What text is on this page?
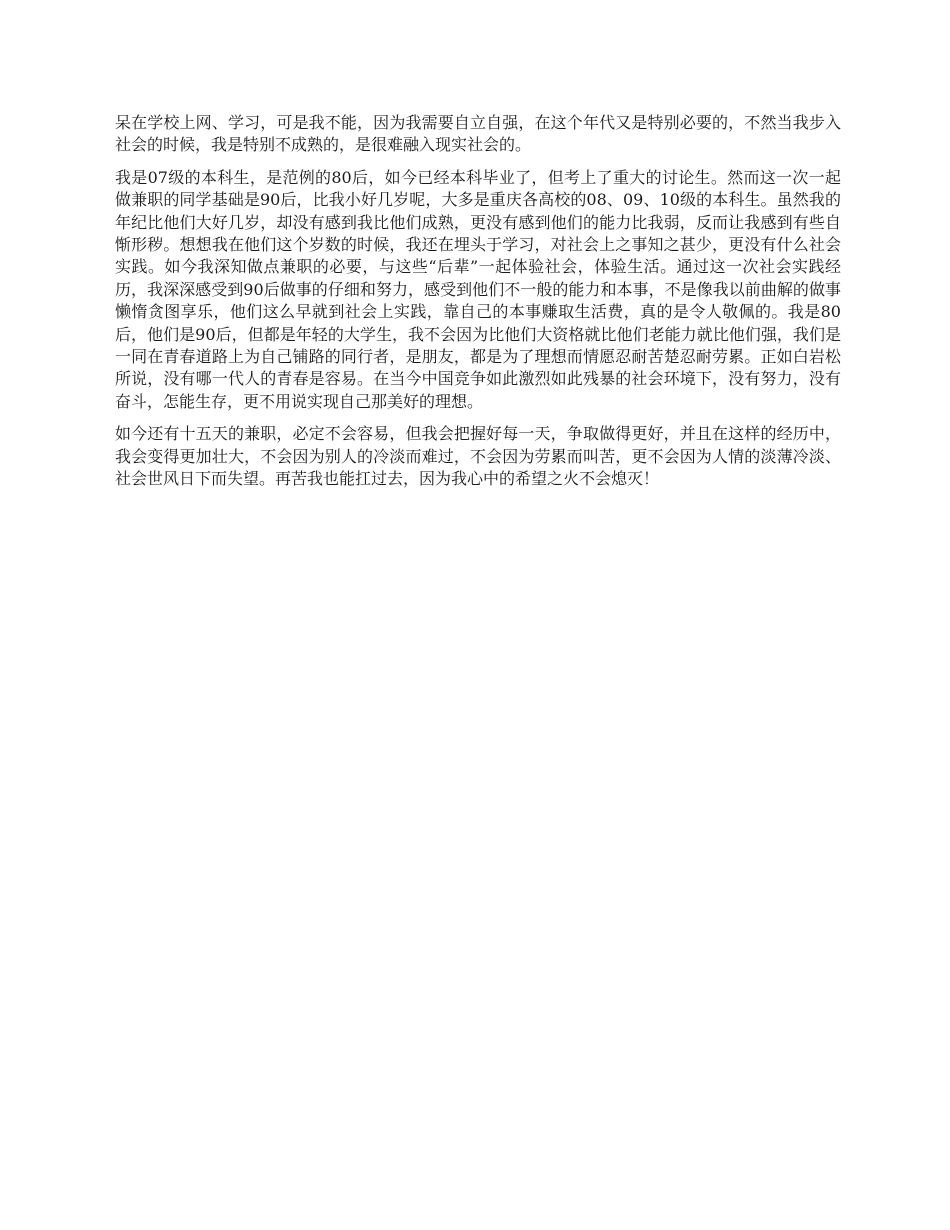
呆在学校上网、学习，可是我不能，因为我需要自立自强，在这个年代又是特别必要的，不然当我步入社会的时候，我是特别不成熟的，是很难融入现实社会的。

我是07级的本科生，是范例的80后，如今已经本科毕业了，但考上了重大的讨论生。然而这一次一起做兼职的同学基础是90后，比我小好几岁呢，大多是重庆各高校的08、09、10级的本科生。虽然我的年纪比他们大好几岁，却没有感到我比他们成熟，更没有感到他们的能力比我弱，反而让我感到有些自惭形秽。想想我在他们这个岁数的时候，我还在埋头于学习，对社会上之事知之甚少，更没有什么社会实践。如今我深知做点兼职的必要，与这些“后辈”一起体验社会，体验生活。通过这一次社会实践经历，我深深感受到90后做事的仔细和努力，感受到他们不一般的能力和本事，不是像我以前曲解的做事懒惰贪图享乐，他们这么早就到社会上实践，靠自己的本事赚取生活费，真的是令人敬佩的。我是80后，他们是90后，但都是年轻的大学生，我不会因为比他们大资格就比他们老能力就比他们强，我们是一同在青春道路上为自己铺路的同行者，是朋友，都是为了理想而情愿忍耐苦楚忍耐劳累。正如白岩松所说，没有哪一代人的青春是容易。在当今中国竞争如此激烈如此残暴的社会环境下，没有努力，没有奋斗，怎能生存，更不用说实现自己那美好的理想。

如今还有十五天的兼职，必定不会容易，但我会把握好每一天，争取做得更好，并且在这样的经历中，我会变得更加壮大，不会因为别人的冷淡而难过，不会因为劳累而叫苦，更不会因为人情的淡薄冷淡、社会世风日下而失望。再苦我也能扛过去，因为我心中的希望之火不会熄灭！
